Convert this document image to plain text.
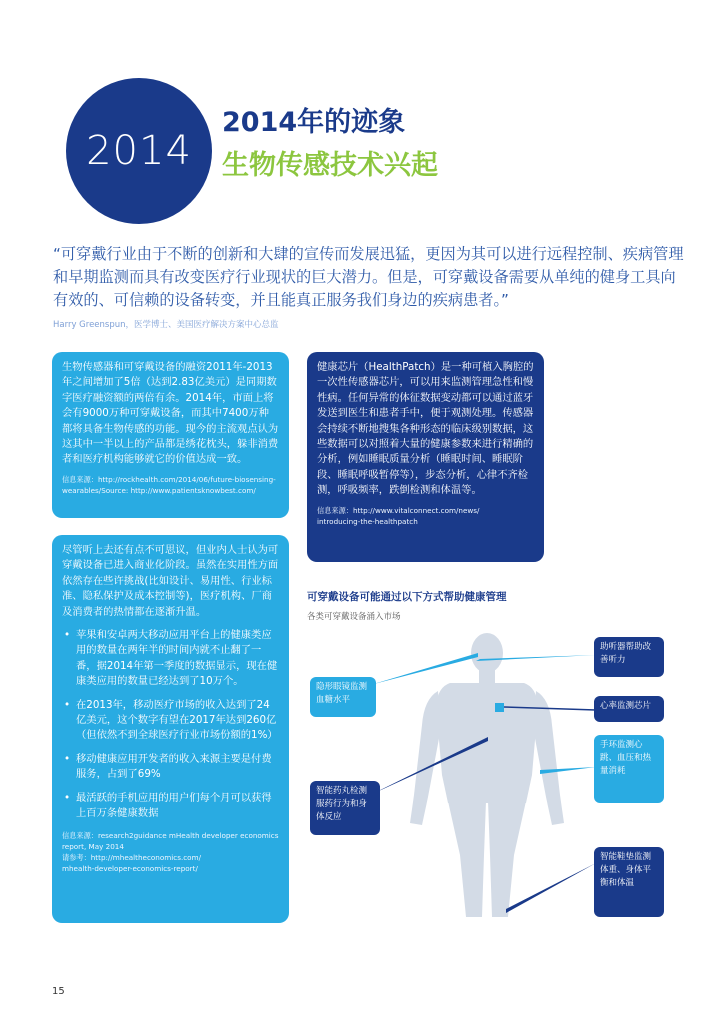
2014
2014年的迹象
生物传感技术兴起
“可穿戴行业由于不断的创新和大肆的宣传而发展迅猛，更因为其可以进行远程控制、疾病管理和早期监测而具有改变医疗行业现状的巨大潜力。但是，可穿戴设备需要从单纯的健身工具向有效的、可信赖的设备转变，并且能真正服务我们身边的疾病患者。”
Harry Greenspun，医学博士、美国医疗解决方案中心总监
生物传感器和可穿戴设备的融资2011年-2013年之间增加了5倍（达到2.83亿美元）是同期数字医疗融资额的两倍有余。2014年，市面上将会有9000万种可穿戴设备，而其中7400万种都将具备生物传感的功能。现今的主流观点认为这其中一半以上的产品都是绣花枕头，躲非消费者和医疗机构能够就它的价值达成一致。
信息来源：http://rockhealth.com/2014/06/future-biosensing-wearables/Source: http://www.patientsknowbest.com/
健康芯片（HealthPatch）是一种可植入胸腔的一次性传感器芯片，可以用来监测管理急性和慢性病。任何异常的体征数据变动都可以通过蓝牙发送到医生和患者手中，便于观测处理。传感器会持续不断地搜集各种形态的临床级别数据，这些数据可以对照着大量的健康参数来进行精确的分析，例如睡眠质量分析（睡眠时间、睡眠阶段、睡眠呼吸暂停等），步态分析，心律不齐检测，呼吸频率，跌倒检测和体温等。
信息来源：http://www.vitalconnect.com/news/
introducing-the-healthpatch
尽管听上去还有点不可思议，但业内人士认为可穿戴设备已进入商业化阶段。虽然在实用性方面依然存在些许挑战(比如设计、易用性、行业标准、隐私保护及成本控制等)，医疗机构、厂商及消费者的热情都在逐渐升温。
• 苹果和安卓两大移动应用平台上的健康类应用的数量在两年半的时间内就不止翻了一番，据2014年第一季度的数据显示，现在健康类应用的数量已经达到了10万个。
• 在2013年，移动医疗市场的收入达到了24亿美元，这个数字有望在2017年达到260亿（但依然不到全球医疗行业市场份额的1%）
• 移动健康应用开发者的收入来源主要是付费服务，占到了69%
• 最活跃的手机应用的用户们每个月可以获得上百万条健康数据
信息来源：research2guidance mHealth developer economics report, May 2014
请参考：http://mhealtheconomics.com/
mhealth-developer-economics-report/
可穿戴设备可能通过以下方式帮助健康管理
各类可穿戴设备涌入市场
助听器帮助改善听力
隐形眼镜监测血糖水平
心率监测芯片
手环监测心跳、血压和热量消耗
智能药丸检测服药行为和身体反应
智能鞋垫监测体重、身体平衡和体温
15
